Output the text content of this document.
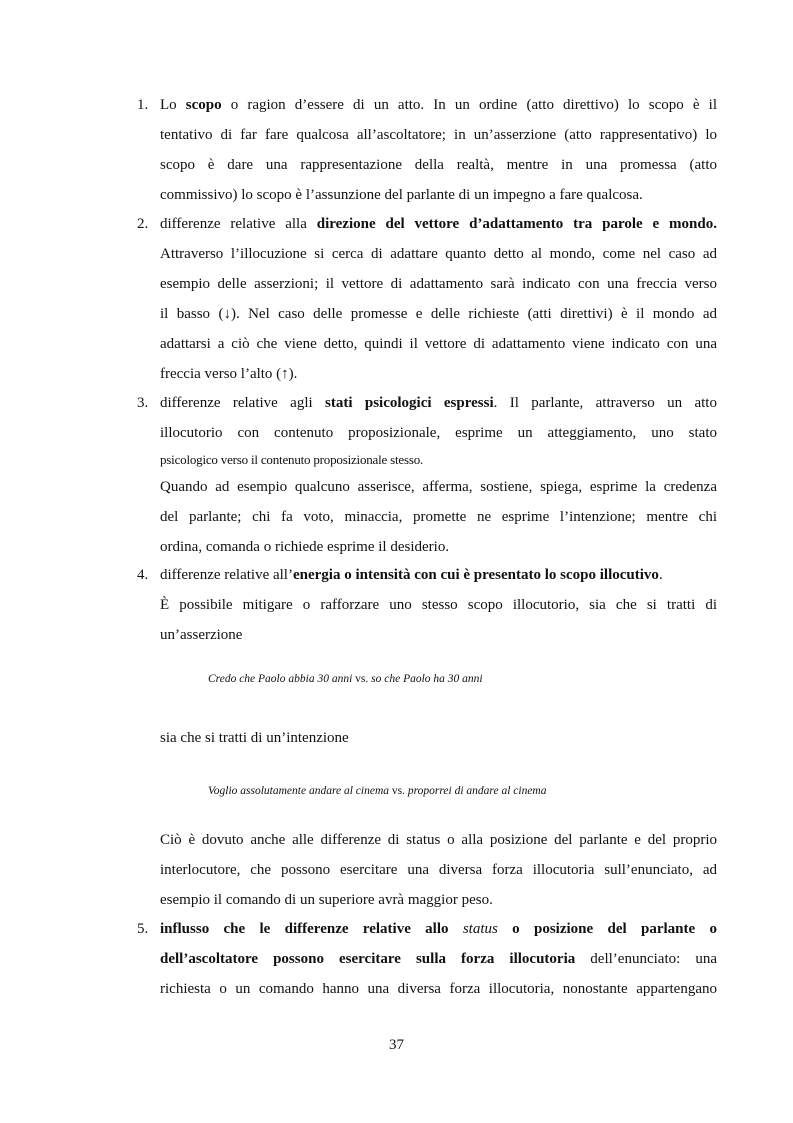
1. Lo scopo o ragion d’essere di un atto. In un ordine (atto direttivo) lo scopo è il
tentativo di far fare qualcosa all’ascoltatore; in un’asserzione (atto rappresentativo) lo
scopo è dare una rappresentazione della realtà, mentre in una promessa (atto
commissivo) lo scopo è l’assunzione del parlante di un impegno a fare qualcosa.
2. differenze relative alla direzione del vettore d’adattamento tra parole e mondo.
Attraverso l’illocuzione si cerca di adattare quanto detto al mondo, come nel caso ad
esempio delle asserzioni; il vettore di adattamento sarà indicato con una freccia verso
il basso (↓). Nel caso delle promesse e delle richieste (atti direttivi) è il mondo ad
adattarsi a ciò che viene detto, quindi il vettore di adattamento viene indicato con una
freccia verso l’alto (↑).
3. differenze relative agli stati psicologici espressi. Il parlante, attraverso un atto
illocutorio con contenuto proposizionale, esprime un atteggiamento, uno stato
psicologico verso il contenuto proposizionale stesso.
Quando ad esempio qualcuno asserisce, afferma, sostiene, spiega, esprime la credenza
del parlante; chi fa voto, minaccia, promette ne esprime l’intenzione; mentre chi
ordina, comanda o richiede esprime il desiderio.
4. differenze relative all’energia o intensità con cui è presentato lo scopo illocutivo.
È possibile mitigare o rafforzare uno stesso scopo illocutorio, sia che si tratti di
un’asserzione
Credo che Paolo abbia 30 anni vs. so che Paolo ha 30 anni
sia che si tratti di un’intenzione
Voglio assolutamente andare al cinema vs. proporrei di andare al cinema
Ciò è dovuto anche alle differenze di status o alla posizione del parlante e del proprio
interlocutore, che possono esercitare una diversa forza illocutoria sull’enunciato, ad
esempio il comando di un superiore avrà maggior peso.
5. influsso che le differenze relative allo status o posizione del parlante o
dell’ascoltatore possono esercitare sulla forza illocutoria dell’enunciato: una
richiesta o un comando hanno una diversa forza illocutoria, nonostante appartengano
37
